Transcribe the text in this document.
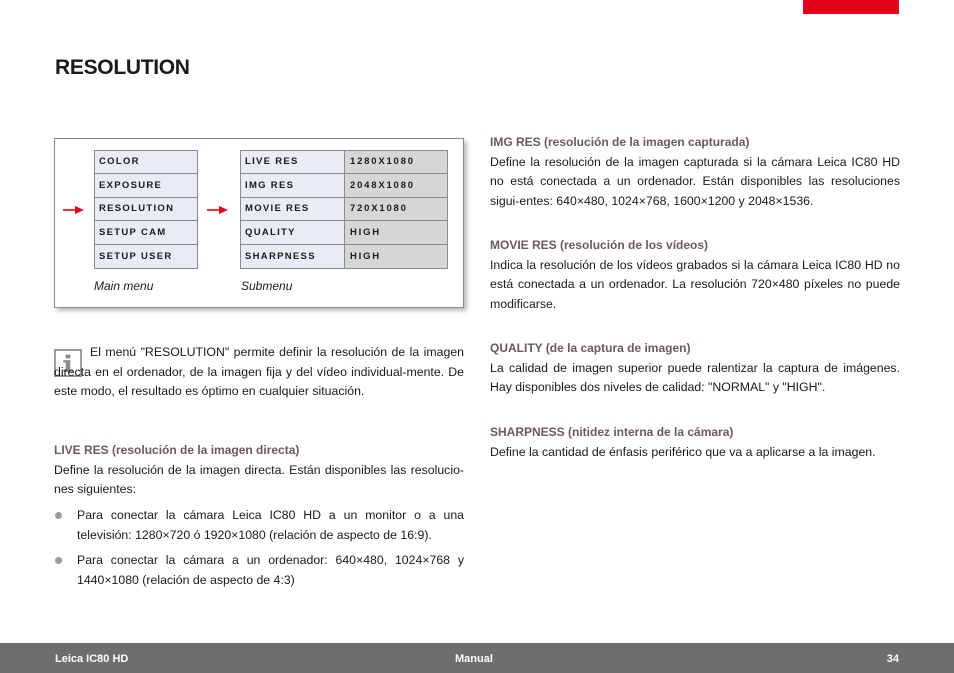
RESOLUTION
COLOR
EXPOSURE
RESOLUTION
SETUP CAM
SETUP USER
LIVE RES	1280X1080
IMG RES	2048X1080
MOVIE RES	720X1080
QUALITY	HIGH
SHARPNESS	HIGH
Main menu	Submenu
El menú "RESOLUTION" permite definir la resolución de la imagen directa en el ordenador, de la imagen fija y del vídeo individual-mente. De este modo, el resultado es óptimo en cualquier situación.
LIVE RES (resolución de la imagen directa)
Define la resolución de la imagen directa. Están disponibles las resolucio-nes siguientes:
Para conectar la cámara Leica IC80 HD a un monitor o a una televisión: 1280×720 ó 1920×1080 (relación de aspecto de 16:9).
Para conectar la cámara a un ordenador: 640×480, 1024×768 y 1440×1080 (relación de aspecto de 4:3)
IMG RES (resolución de la imagen capturada)
Define la resolución de la imagen capturada si la cámara Leica IC80 HD no está conectada a un ordenador. Están disponibles las resoluciones sigui-entes: 640×480, 1024×768, 1600×1200 y 2048×1536.
MOVIE RES (resolución de los vídeos)
Indica la resolución de los vídeos grabados si la cámara Leica IC80 HD no está conectada a un ordenador. La resolución 720×480 píxeles no puede modificarse.
QUALITY (de la captura de imagen)
La calidad de imagen superior puede ralentizar la captura de imágenes. Hay disponibles dos niveles de calidad: "NORMAL" y "HIGH".
SHARPNESS (nitidez interna de la cámara)
Define la cantidad de énfasis periférico que va a aplicarse a la imagen.
Leica IC80 HD	Manual	34
